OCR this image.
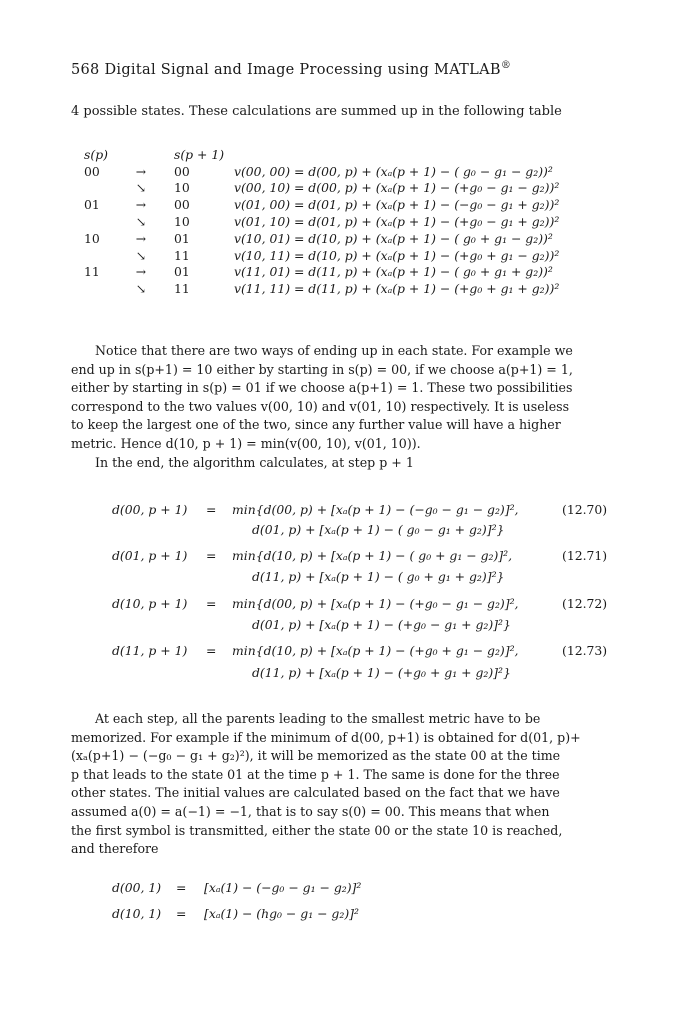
568 Digital Signal and Image Processing using MATLAB®
4 possible states. These calculations are summed up in the following table
s(p)		s(p + 1)	
00	→	00	v(00, 00) = d(00, p) + (xₐ(p + 1) − ( g₀ − g₁ − g₂))²
	↘	10	v(00, 10) = d(00, p) + (xₐ(p + 1) − (+g₀ − g₁ − g₂))²
01	→	00	v(01, 00) = d(01, p) + (xₐ(p + 1) − (−g₀ − g₁ + g₂))²
	↘	10	v(01, 10) = d(01, p) + (xₐ(p + 1) − (+g₀ − g₁ + g₂))²
10	→	01	v(10, 01) = d(10, p) + (xₐ(p + 1) − ( g₀ + g₁ − g₂))²
	↘	11	v(10, 11) = d(10, p) + (xₐ(p + 1) − (+g₀ + g₁ − g₂))²
11	→	01	v(11, 01) = d(11, p) + (xₐ(p + 1) − ( g₀ + g₁ + g₂))²
	↘	11	v(11, 11) = d(11, p) + (xₐ(p + 1) − (+g₀ + g₁ + g₂))²
Notice that there are two ways of ending up in each state. For example we
end up in s(p+1) = 10 either by starting in s(p) = 00, if we choose a(p+1) = 1,
either by starting in s(p) = 01 if we choose a(p+1) = 1. These two possibilities
correspond to the two values v(00, 10) and v(01, 10) respectively. It is useless
to keep the largest one of the two, since any further value will have a higher
metric. Hence d(10, p + 1) = min(v(00, 10), v(01, 10)).
In the end, the algorithm calculates, at step p + 1
d(00, p + 1) = min{d(00, p) + [xₐ(p + 1) − (−g₀ − g₁ − g₂)]²,	(12.70)
d(01, p) + [xₐ(p + 1) − ( g₀ − g₁ + g₂)]²}
d(01, p + 1) = min{d(10, p) + [xₐ(p + 1) − ( g₀ + g₁ − g₂)]²,	(12.71)
d(11, p) + [xₐ(p + 1) − ( g₀ + g₁ + g₂)]²}
d(10, p + 1) = min{d(00, p) + [xₐ(p + 1) − (+g₀ − g₁ − g₂)]²,	(12.72)
d(01, p) + [xₐ(p + 1) − (+g₀ − g₁ + g₂)]²}
d(11, p + 1) = min{d(10, p) + [xₐ(p + 1) − (+g₀ + g₁ − g₂)]²,	(12.73)
d(11, p) + [xₐ(p + 1) − (+g₀ + g₁ + g₂)]²}
At each step, all the parents leading to the smallest metric have to be
memorized. For example if the minimum of d(00, p+1) is obtained for d(01, p)+
(xₐ(p+1) − (−g₀ − g₁ + g₂)²), it will be memorized as the state 00 at the time
p that leads to the state 01 at the time p + 1. The same is done for the three
other states. The initial values are calculated based on the fact that we have
assumed a(0) = a(−1) = −1, that is to say s(0) = 00. This means that when
the first symbol is transmitted, either the state 00 or the state 10 is reached,
and therefore
d(00, 1) = [xₐ(1) − (−g₀ − g₁ − g₂)]²
d(10, 1) = [xₐ(1) − (hg₀ − g₁ − g₂)]²
